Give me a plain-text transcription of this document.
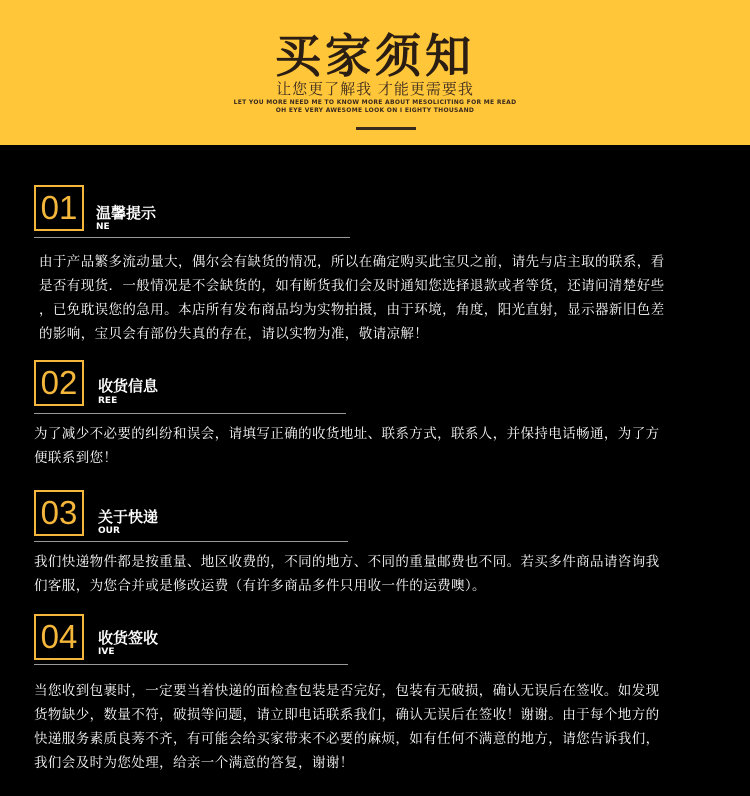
买家须知
让您更了解我 才能更需要我
LET YOU MORE NEED ME TO KNOW MORE ABOUT MESOLICITING FOR ME READ
OH EYE VERY AWESOME LOOK ON I EIGHTY THOUSAND
01	温馨提示
NE
由于产品繁多流动量大，偶尔会有缺货的情况，所以在确定购买此宝贝之前，请先与店主取的联系，看
是否有现货．一般情况是不会缺货的，如有断货我们会及时通知您选择退款或者等货，还请问清楚好些
，已免耽误您的急用。本店所有发布商品均为实物拍摄，由于环境，角度，阳光直射，显示器新旧色差
的影响，宝贝会有部份失真的存在，请以实物为准，敬请凉解！
02	收货信息
REE
为了减少不必要的纠纷和误会，请填写正确的收货地址、联系方式，联系人，并保持电话畅通，为了方
便联系到您！
03	关于快递
OUR
我们快递物件都是按重量、地区收费的，不同的地方、不同的重量邮费也不同。若买多件商品请咨询我
们客服，为您合并或是修改运费（有许多商品多件只用收一件的运费噢）。
04	收货签收
IVE
当您收到包裹时，一定要当着快递的面检查包装是否完好，包装有无破损，确认无误后在签收。如发现
货物缺少，数量不符，破损等问题，请立即电话联系我们，确认无误后在签收！谢谢。由于每个地方的
快递服务素质良莠不齐，有可能会给买家带来不必要的麻烦，如有任何不满意的地方，请您告诉我们，
我们会及时为您处理，给亲一个满意的答复，谢谢！
